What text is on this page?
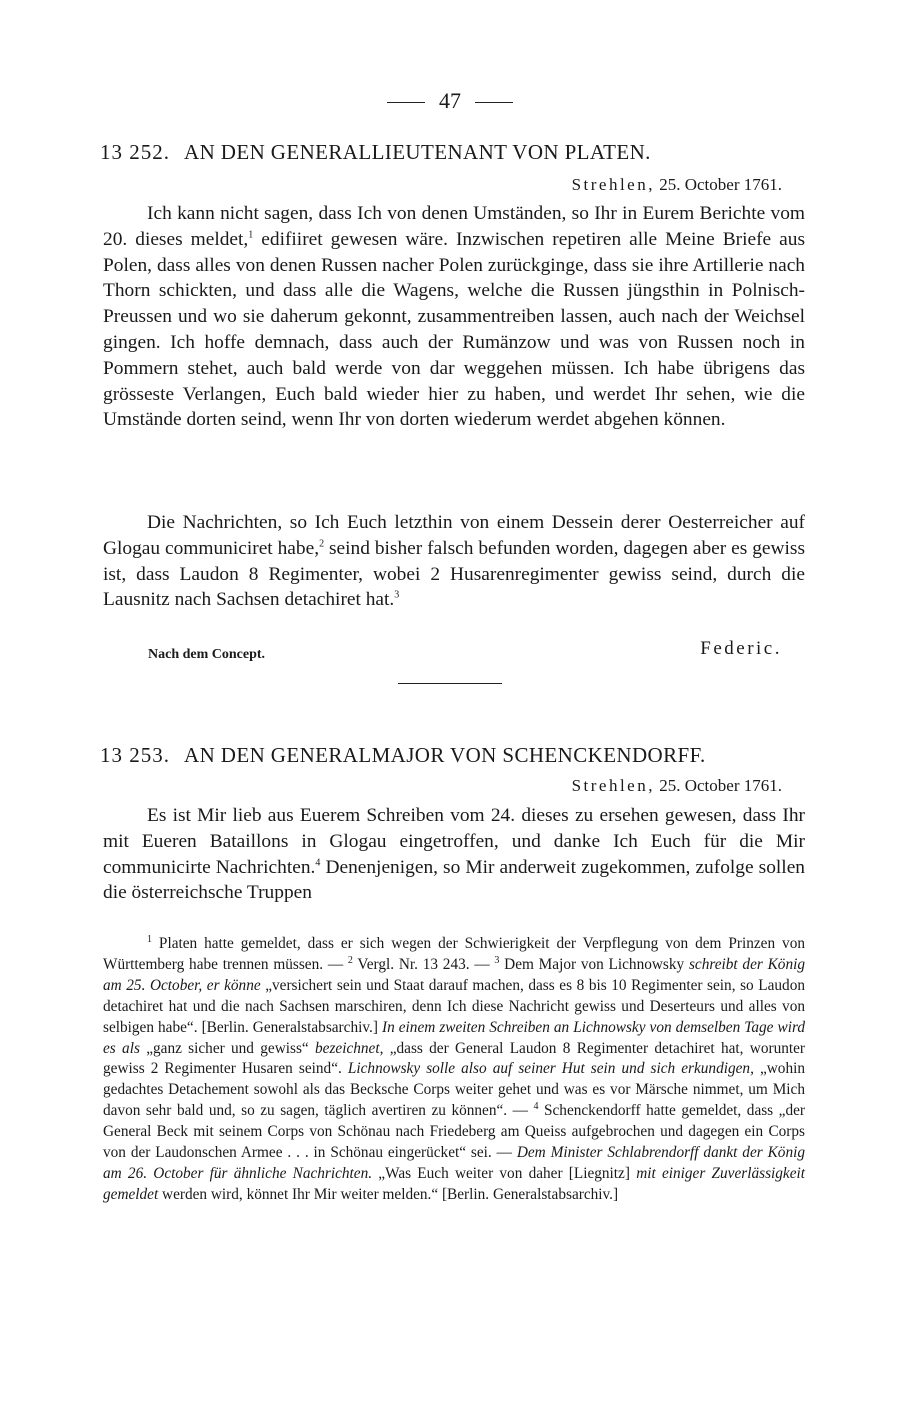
47
13 252. AN DEN GENERALLIEUTENANT VON PLATEN.
Strehlen, 25. October 1761.

Ich kann nicht sagen, dass Ich von denen Umständen, so Ihr in Eurem Berichte vom 20. dieses meldet,$^1$ edifiiret gewesen wäre. Inzwischen repetiren alle Meine Briefe aus Polen, dass alles von denen Russen nacher Polen zurückginge, dass sie ihre Artillerie nach Thorn schickten, und dass alle die Wagens, welche die Russen jüngsthin in Polnisch-Preussen und wo sie daherum gekonnt, zusammentreiben lassen, auch nach der Weichsel gingen. Ich hoffe demnach, dass auch der Rumänzow und was von Russen noch in Pommern stehet, auch bald werde von dar weggehen müssen. Ich habe übrigens das grösseste Verlangen, Euch bald wieder hier zu haben, und werdet Ihr sehen, wie die Umstände dorten seind, wenn Ihr von dorten wiederum werdet abgehen können.

Die Nachrichten, so Ich Euch letzthin von einem Dessein derer Oesterreicher auf Glogau communiciret habe,$^2$ seind bisher falsch befunden worden, dagegen aber es gewiss ist, dass Laudon 8 Regimenter, wobei 2 Husarenregimenter gewiss seind, durch die Lausnitz nach Sachsen detachiret hat.$^3$

Nach dem Concept.	Federic.
13 253. AN DEN GENERALMAJOR VON SCHENCKENDORFF.
Strehlen, 25. October 1761.

Es ist Mir lieb aus Euerem Schreiben vom 24. dieses zu ersehen gewesen, dass Ihr mit Eueren Bataillons in Glogau eingetroffen, und danke Ich Euch für die Mir communicirte Nachrichten.$^4$ Denenjenigen, so Mir anderweit zugekommen, zufolge sollen die österreichsche Truppen

$^1$ Platen hatte gemeldet, dass er sich wegen der Schwierigkeit der Verpflegung von dem Prinzen von Württemberg habe trennen müssen. — $^2$ Vergl. Nr. 13 243. — $^3$ Dem Major von Lichnowsky schreibt der König am 25. October, er könne „versichert sein und Staat darauf machen, dass es 8 bis 10 Regimenter sein, so Laudon detachiret hat und die nach Sachsen marschiren, denn Ich diese Nachricht gewiss und Deserteurs und alles von selbigen habe“. [Berlin. Generalstabsarchiv.] In einem zweiten Schreiben an Lichnowsky von demselben Tage wird es als „ganz sicher und gewiss“ bezeichnet, „dass der General Laudon 8 Regimenter detachiret hat, worunter gewiss 2 Regimenter Husaren seind“. Lichnowsky solle also auf seiner Hut sein und sich erkundigen, „wohin gedachtes Detachement sowohl als das Becksche Corps weiter gehet und was es vor Märsche nimmet, um Mich davon sehr bald und, so zu sagen, täglich avertiren zu können“. — $^4$ Schenckendorff hatte gemeldet, dass „der General Beck mit seinem Corps von Schönau nach Friedeberg am Queiss aufgebrochen und dagegen ein Corps von der Laudonschen Armee . . . in Schönau eingerücket“ sei. — Dem Minister Schlabrendorff dankt der König am 26. October für ähnliche Nachrichten. „Was Euch weiter von daher [Liegnitz] mit einiger Zuverlässigkeit gemeldet werden wird, könnet Ihr Mir weiter melden.“ [Berlin. Generalstabsarchiv.]
